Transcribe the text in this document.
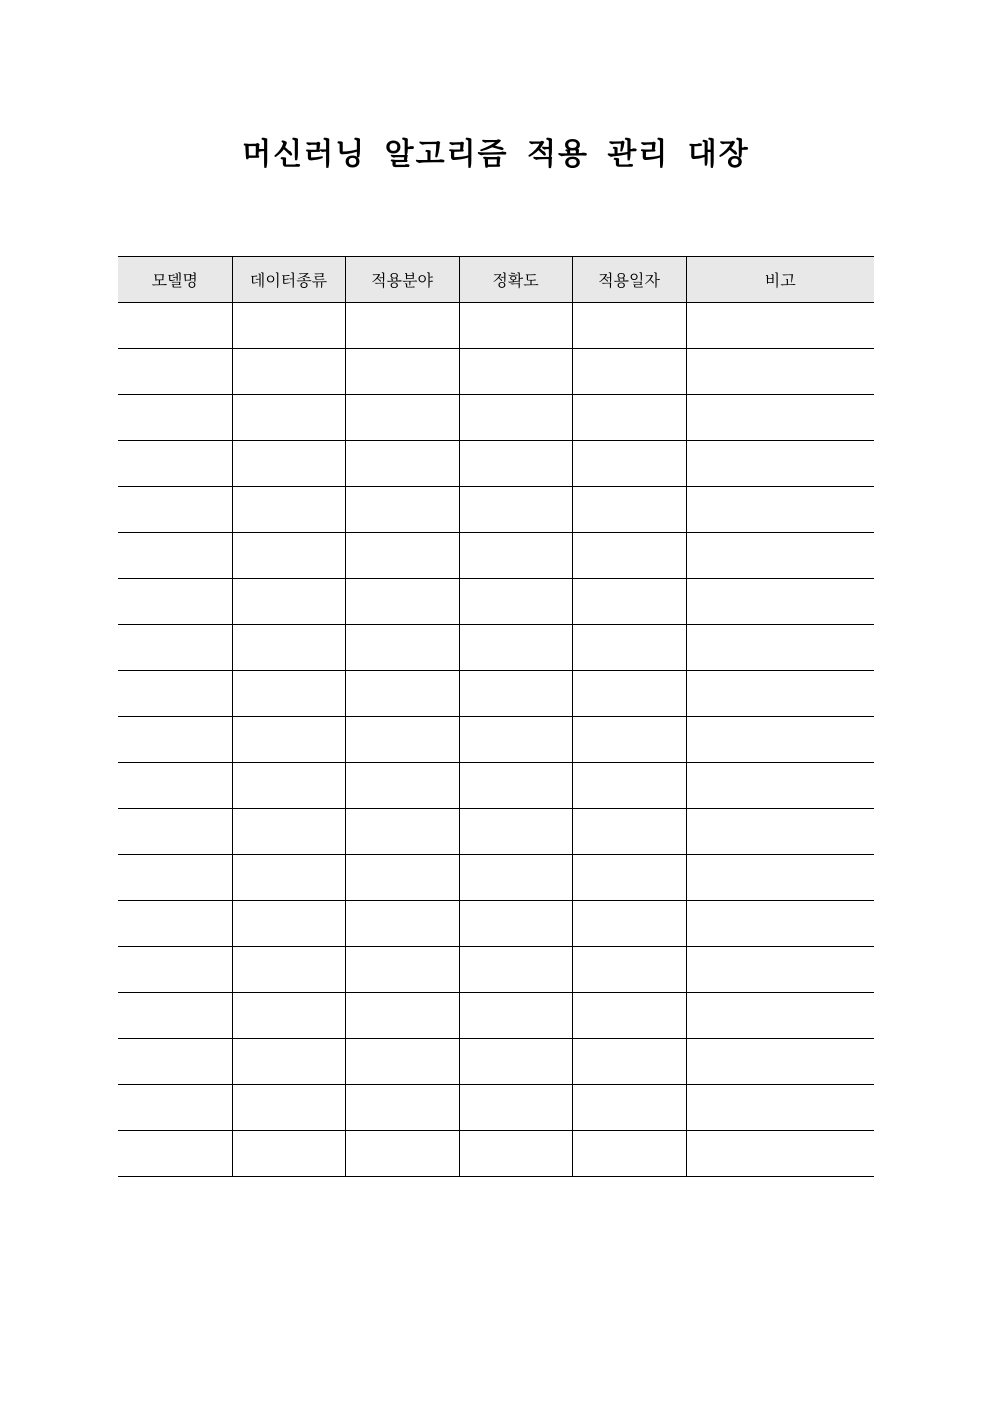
머신러닝 알고리즘 적용 관리 대장
모델명	데이터종류	적용분야	정확도	적용일자	비고
